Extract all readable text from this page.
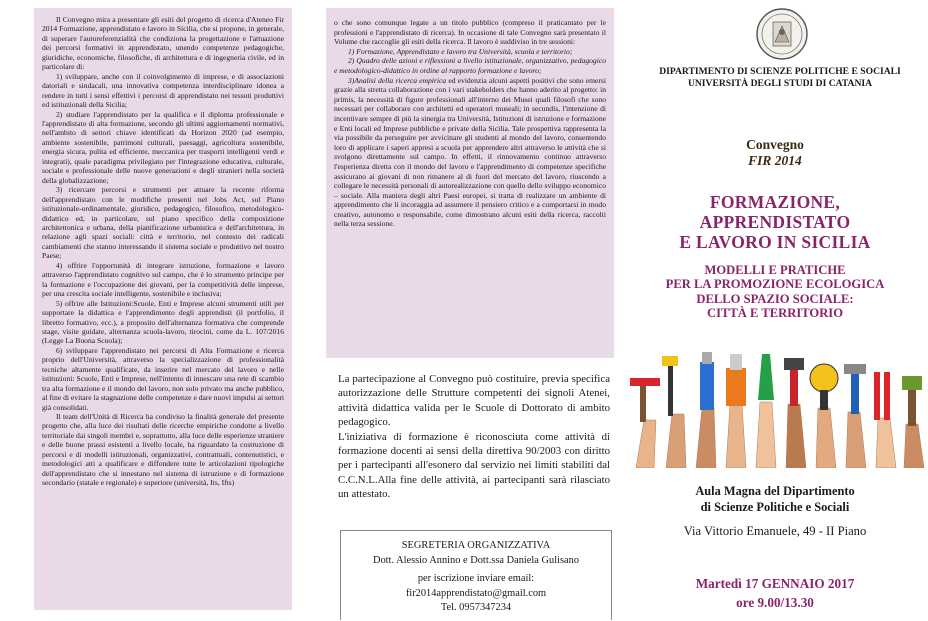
Il Convegno mira a presentare gli esiti del progetto di ricerca d'Ateneo Fir 2014 Formazione, apprendistato e lavoro in Sicilia, che si propone, in generale, di superare l'autoreferenzialità che condiziona la progettazione e l'attuazione dei percorsi formativi in apprendistato, unendo competenze pedagogiche, giuridiche, economiche, filosofiche, di architettura e di ingegneria civile, ed in particolare di:

1) sviluppare, anche con il coinvolgimento di imprese, e di associazioni datoriali e sindacali, una innovativa competenza interdisciplinare idonea a rendere in tutti i sensi effettivi i percorsi di apprendistato nei tessuti produttivi ed istituzionali della Sicilia;

2) studiare l'apprendistato per la qualifica e il diploma professionale e l'apprendistato di alta formazione, secondo gli ultimi aggiornamenti normativi, nell'ambito di settori chiave identificati da Horizon 2020 (ad esempio, ambiente sostenibile, patrimoni culturali, paesaggi, agricoltura sostenibile, energia sicura, pulita ed efficiente, meccanica per trasporti intelligenti verdi e integrati), quale paradigma privilegiato per l'integrazione educativa, culturale, sociale e professionale delle nuove generazioni e degli stranieri nella società della globalizzazione;

3) ricercare percorsi e strumenti per attuare la recente riforma dell'apprendistato con le modifiche presenti nel Jobs Act, sul Piano istituzionale-ordinamentale, giuridico, pedagogico, filosofico, metodologico-didattico ed, in particolare, sul piano specifico della composizione architettonica e urbana, della pianificazione urbanistica e dell'architettura, in relazione agli spazi sociali: città e territorio, nel contesto dei radicali cambiamenti che stanno interessando il sistema sociale e produttivo nel nostro Paese;

4) offrire l'opportunità di integrare istruzione, formazione e lavoro attraverso l'apprendistato cognitivo sul campo, che è lo strumento principe per la formazione e l'occupazione dei giovani, per la competitività delle imprese, per una crescita sociale intelligente, sostenibile e inclusiva;

5) offrire alle Istituzioni:Scuole, Enti e Imprese alcuni strumenti utili per supportare la didattica e l'apprendimento degli apprendisti (il portfolio, il libretto formativo, ecc.), a proposito dell'alternanza formativa che comprende stage, visite guidate, alternanza scuola-lavoro, tirocini, come da L. 107/2016 (Legge La Buona Scuola);

6) sviluppare l'apprendistato nei percorsi di Alta Formazione e ricerca proprio dell'Università, attraverso la specializzazione di professionalità tecniche altamente qualificate, da inserire nel mercato del lavoro e nelle istituzioni: Scuole, Enti e Imprese, nell'intento di innescare una rete di scambio tra alta formazione e il mondo del lavoro, non solo privato ma anche pubblico, al fine di evitare la stagnazione delle competenze e dare nuovi impulsi ai settori già consolidati.

Il team dell'Unità di Ricerca ha condiviso la finalità generale del presente progetto che, alla luce dei risultati delle ricerche empiriche condotte a livello territoriale dai singoli membri e, soprattutto, alla luce delle esperienze straniere e delle buone prassi esistenti a livello locale, ha riguardato la costruzione di percorsi e di modelli istituzionali, organizzativi, contrattuali, contenutistici, e metodologici atti a qualificare e diffondere tutte le articolazioni tipologiche dell'apprendistato che si innestano nel sistema di istruzione e di formazione secondario (statale e regionale) e superiore (università, Its, Ifts)

o che sono comunque legate a un titolo pubblico (compreso il praticantato per le professioni e l'apprendistato di ricerca). In occasione di tale Convegno sarà presentato il Volume che raccoglie gli esiti della ricerca. Il lavoro è suddiviso in tre sessioni:

1) Formazione, Apprendistato e lavoro tra Università, scuola e territorio;

2) Quadro delle azioni e riflessioni a livello istituzionale, organizzativo, pedagogico e metodologico-didattico in ordine al rapporto formazione e lavoro;

3)Analisi della ricerca empirica ed evidenzia alcuni aspetti positivi che sono emersi grazie alla stretta collaborazione con i vari stakeholders che hanno aderito al progetto: in primis, la necessità di figure professionali all'interno dei Musei quali filosofi che sono necessari per collaborare con architetti ed operatori museali; in secundis, l'intenzione di incentivare sempre di più la sinergia tra Università, Istituzioni di istruzione e formazione e Enti locali ed Imprese pubbliche e private della Sicilia. Tale prospettiva rappresenta la via possibile da perseguire per avvicinare gli studenti al mondo del lavoro, consentendo loro di applicare i saperi appresi a scuola per apprendere altri attraverso le attività che si svolgono direttamente sul campo. In effetti, il rinnovamento continuo attraverso l'esperienza diretta con il mondo del lavoro e l'apprendimento di competenze specifiche assicurano ai giovani di non rimanere al di fuori del mercato del lavoro, riuscendo a collegare le necessità personali di autorealizzazione con quello dello sviluppo economico – sociale. Alla maniera degli altri Paesi europei, si tratta di realizzare un ambiente di apprendimento che li incoraggia ad assumere il pensiero critico e a comportarsi in modo creativo, autonomo e responsabile, come dimostrano alcuni esiti della ricerca, raccolti nella terza sessione.

La partecipazione al Convegno può costituire, previa specifica autorizzazione delle Strutture competenti dei signoli Atenei, attività didattica valida per le Scuole di Dottorato di ambito pedagogico.

L'iniziativa di formazione è riconosciuta come attività di formazione docenti ai sensi della direttiva 90/2003 con diritto per i partecipanti all'esonero dal servizio nei limiti stabiliti dal C.C.N.L.Alla fine delle attività, ai partecipanti sarà rilasciato un attestato.

SEGRETERIA ORGANIZZATIVA
Dott. Alessio Annino e Dott.ssa Daniela Gulisano
per iscrizione inviare email:
fir2014apprendistato@gmail.com
Tel. 0957347234
DIPARTIMENTO DI SCIENZE POLITICHE E SOCIALI
UNIVERSITÀ DEGLI STUDI DI CATANIA
Convegno
FIR 2014
FORMAZIONE,
APPRENDISTATO
E LAVORO IN SICILIA
MODELLI E PRATICHE
PER LA PROMOZIONE ECOLOGICA
DELLO SPAZIO SOCIALE:
CITTÀ E TERRITORIO
Aula Magna del Dipartimento
di Scienze Politiche e Sociali
Via Vittorio Emanuele, 49 - II Piano
Martedì 17 GENNAIO 2017
ore 9.00/13.30
